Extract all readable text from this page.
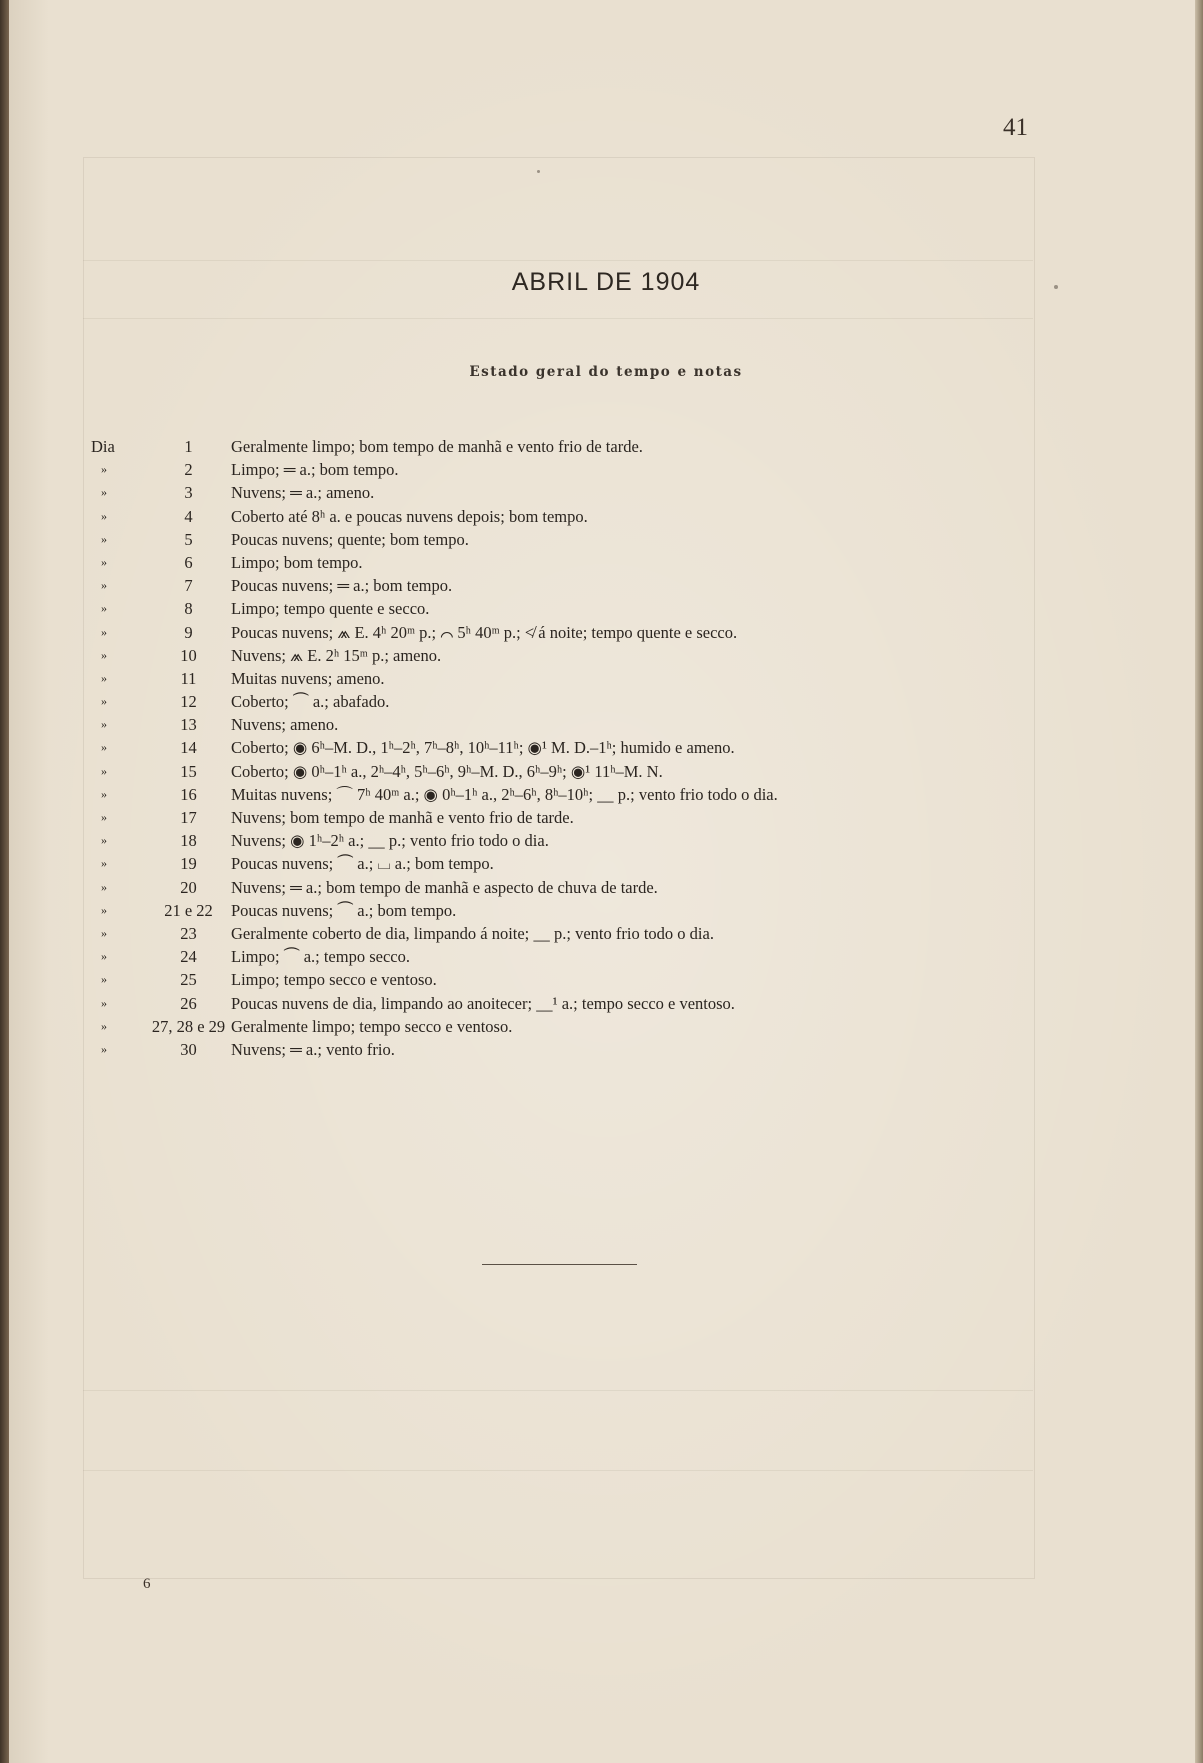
41
ABRIL DE 1904
Estado geral do tempo e notas
Dia	1	Geralmente limpo; bom tempo de manhã e vento frio de tarde.
»	2	Limpo; ═ a.; bom tempo.
»	3	Nuvens; ═ a.; ameno.
»	4	Coberto até 8ʰ a. e poucas nuvens depois; bom tempo.
»	5	Poucas nuvens; quente; bom tempo.
»	6	Limpo; bom tempo.
»	7	Poucas nuvens; ═ a.; bom tempo.
»	8	Limpo; tempo quente e secco.
»	9	Poucas nuvens; ⩕ E. 4ʰ 20ᵐ p.; ⌒ 5ʰ 40ᵐ p.; ≮ á noite; tempo quente e secco.
»	10	Nuvens; ⩕ E. 2ʰ 15ᵐ p.; ameno.
»	11	Muitas nuvens; ameno.
»	12	Coberto; ⏜ a.; abafado.
»	13	Nuvens; ameno.
»	14	Coberto; ◉ 6ʰ–M. D., 1ʰ–2ʰ, 7ʰ–8ʰ, 10ʰ–11ʰ; ◉¹ M. D.–1ʰ; humido e ameno.
»	15	Coberto; ◉ 0ʰ–1ʰ a., 2ʰ–4ʰ, 5ʰ–6ʰ, 9ʰ–M. D., 6ʰ–9ʰ; ◉¹ 11ʰ–M. N.
»	16	Muitas nuvens; ⌒ 7ʰ 40ᵐ a.; ◉ 0ʰ–1ʰ a., 2ʰ–6ʰ, 8ʰ–10ʰ; ⸏ p.; vento frio todo o dia.
»	17	Nuvens; bom tempo de manhã e vento frio de tarde.
»	18	Nuvens; ◉ 1ʰ–2ʰ a.; ⸏ p.; vento frio todo o dia.
»	19	Poucas nuvens; ⏜ a.; ⌴ a.; bom tempo.
»	20	Nuvens; ═ a.; bom tempo de manhã e aspecto de chuva de tarde.
»	21 e 22	Poucas nuvens; ⏜ a.; bom tempo.
»	23	Geralmente coberto de dia, limpando á noite; ⸏ p.; vento frio todo o dia.
»	24	Limpo; ⏜ a.; tempo secco.
»	25	Limpo; tempo secco e ventoso.
»	26	Poucas nuvens de dia, limpando ao anoitecer; ⸏¹ a.; tempo secco e ventoso.
»	27, 28 e 29 Geralmente limpo; tempo secco e ventoso.
»	30	Nuvens; ═ a.; vento frio.
6
